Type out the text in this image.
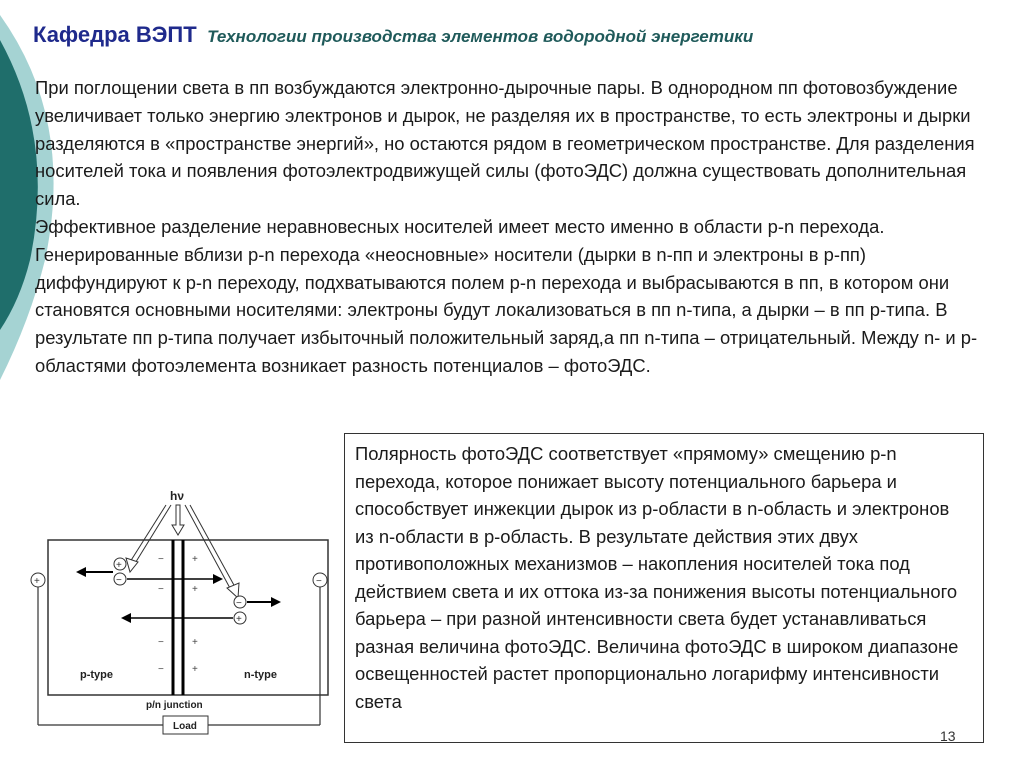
Кафедра ВЭПТ Технологии производства элементов водородной энергетики

При поглощении света в пп возбуждаются электронно-дырочные пары. В однородном пп фотовозбуждение увеличивает только энергию электронов и дырок, не разделяя их в пространстве, то есть электроны и дырки разделяются в «пространстве энергий», но остаются рядом в геометрическом пространстве. Для разделения носителей тока и появления фотоэлектродвижущей силы (фотоЭДС) должна существовать дополнительная сила.

Эффективное разделение неравновесных носителей имеет место именно в области p-n перехода. Генерированные вблизи p-n перехода «неосновные» носители (дырки в n-пп и электроны в p-пп) диффундируют к p-n переходу, подхватываются полем p-n перехода и выбрасываются в пп, в котором они становятся основными носителями: электроны будут локализоваться в пп n-типа, а дырки – в пп p-типа. В результате пп p-типа получает избыточный положительный заряд,а пп n-типа – отрицательный. Между n- и p-областями фотоэлемента возникает разность потенциалов – фотоЭДС.

hν
+
−
−
+
−	+
−	+
−	+
−	+
p-type	n-type
p/n junction
+	−
Load
Полярность фотоЭДС соответствует «прямому» смещению p-n перехода, которое понижает высоту потенциального барьера и способствует инжекции дырок из p-области в n-область и электронов из n-области в p-область. В результате действия этих двух противоположных механизмов – накопления носителей тока под действием света и их оттока из-за понижения высоты потенциального барьера – при разной интенсивности света будет устанавливаться разная величина фотоЭДС. Величина фотоЭДС в широком диапазоне освещенностей растет пропорционально логарифму интенсивности света
13
